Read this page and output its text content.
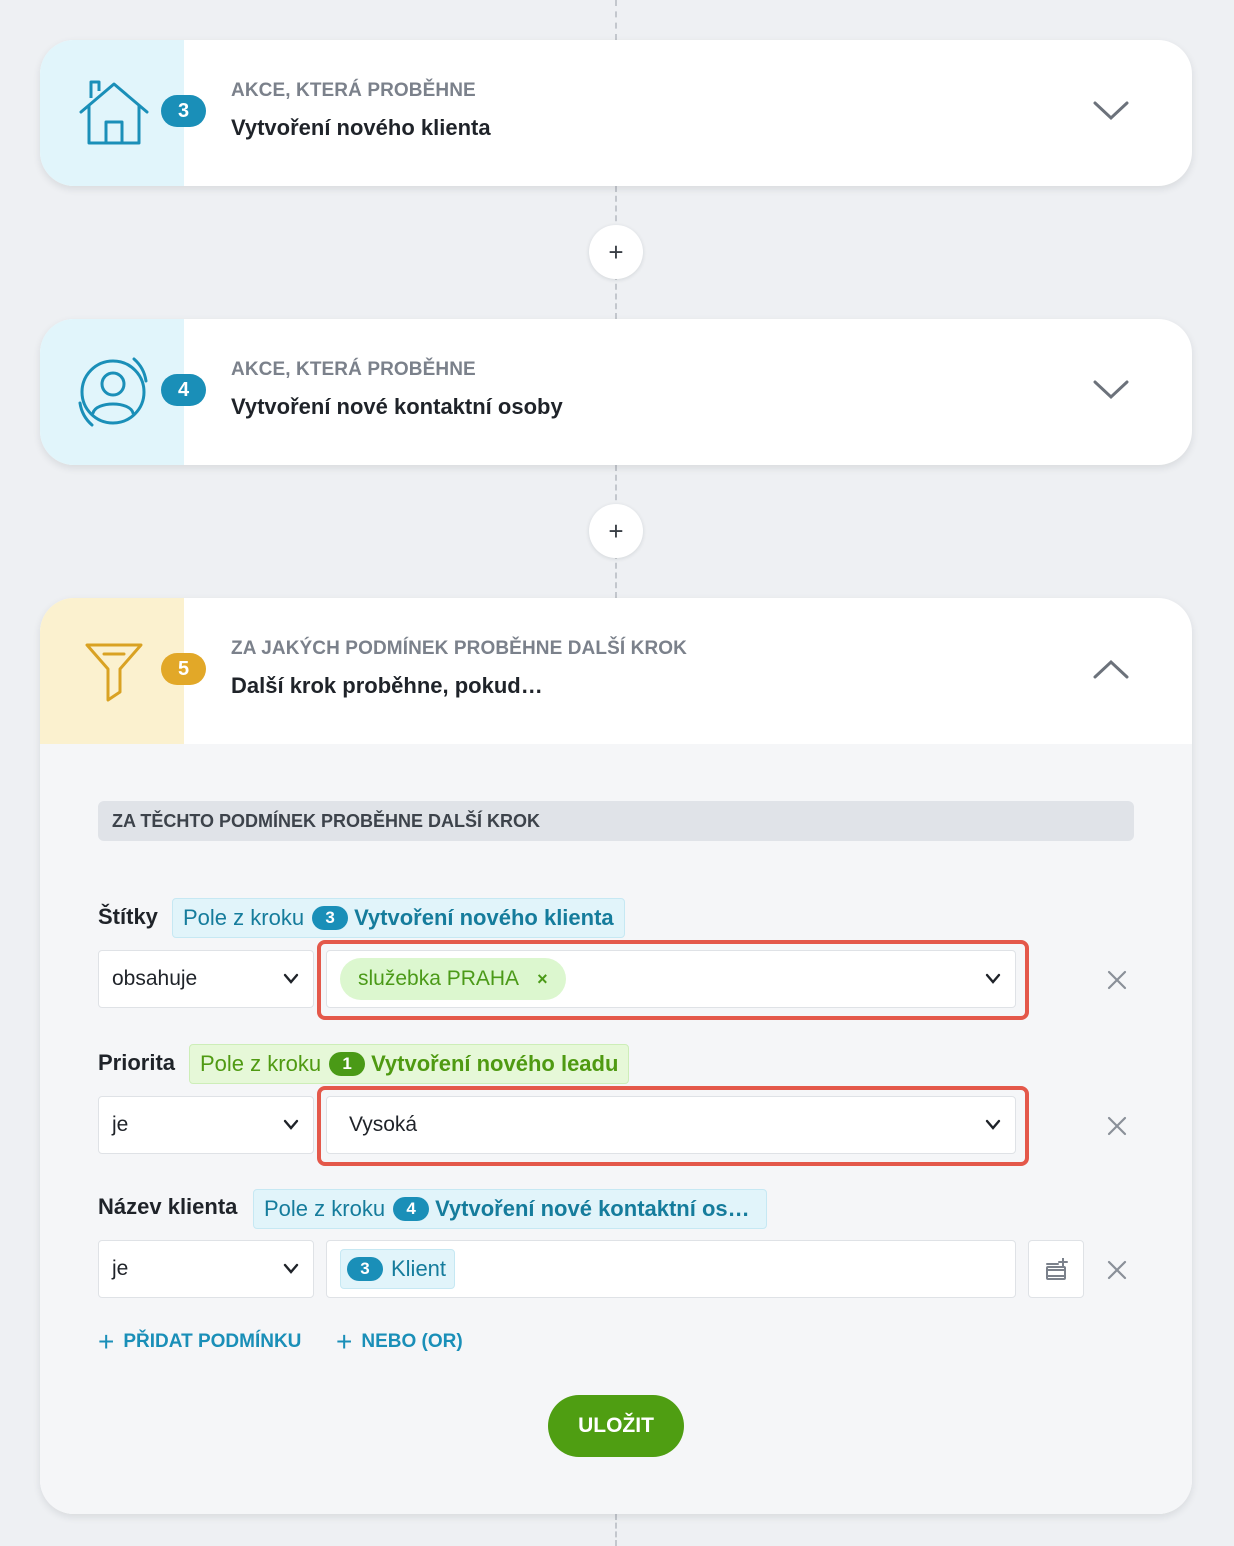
3
AKCE, KTERÁ PROBĚHNE
Vytvoření nového klienta
+
4
AKCE, KTERÁ PROBĚHNE
Vytvoření nové kontaktní osoby
+
5
ZA JAKÝCH PODMÍNEK PROBĚHNE DALŠÍ KROK
Další krok proběhne, pokud…
ZA TĚCHTO PODMÍNEK PROBĚHNE DALŠÍ KROK
Štítky Pole z kroku	3 Vytvoření nového klienta
obsahuje	služebka PRAHA ×
Priorita Pole z kroku	1 Vytvoření nového leadu
je	Vysoká
Název klienta Pole z kroku	4 Vytvoření nové kontaktní os…
je	3 Klient
+ PŘIDAT PODMÍNKU + NEBO (OR)
ULOŽIT
